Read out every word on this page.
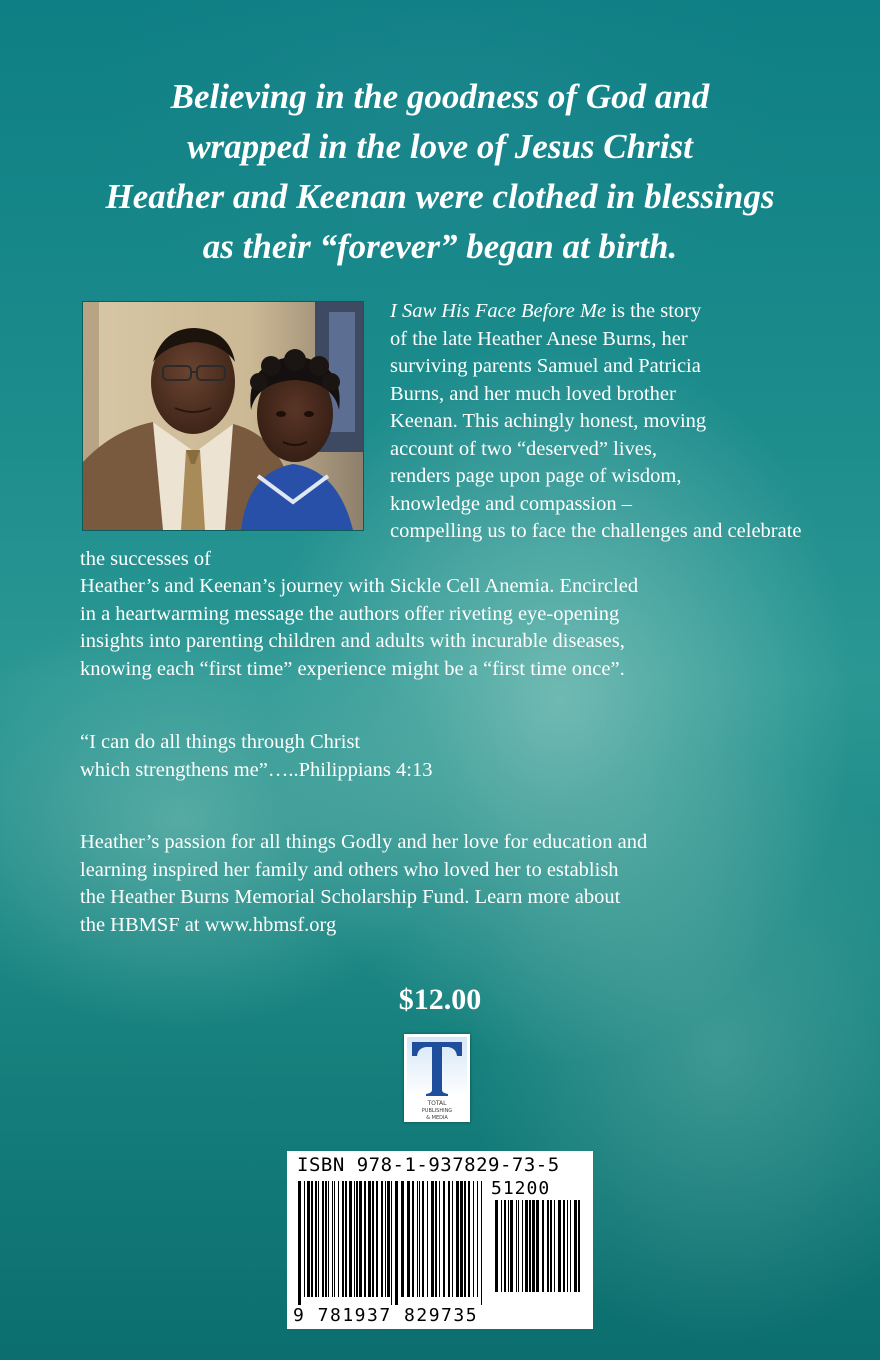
Believing in the goodness of God and
wrapped in the love of Jesus Christ
Heather and Keenan were clothed in blessings
as their “forever” began at birth.

I Saw His Face Before Me is the story
of the late Heather Anese Burns, her
surviving parents Samuel and Patricia
Burns, and her much loved brother
Keenan. This achingly honest, moving
account of two “deserved” lives,
renders page upon page of wisdom,
knowledge and compassion –
compelling us to face the challenges and celebrate the successes of
Heather’s and Keenan’s journey with Sickle Cell Anemia. Encircled
in a heartwarming message the authors offer riveting eye-opening
insights into parenting children and adults with incurable diseases,
knowing each “first time” experience might be a “first time once”.

“I can do all things through Christ
which strengthens me”…..Philippians 4:13

Heather’s passion for all things Godly and her love for education and
learning inspired her family and others who loved her to establish
the Heather Burns Memorial Scholarship Fund. Learn more about
the HBMSF at www.hbmsf.org

$12.00

TOTAL
PUBLISHING
& MEDIA
ISBN 978-1-937829-73-5
51200
9 781937 829735
